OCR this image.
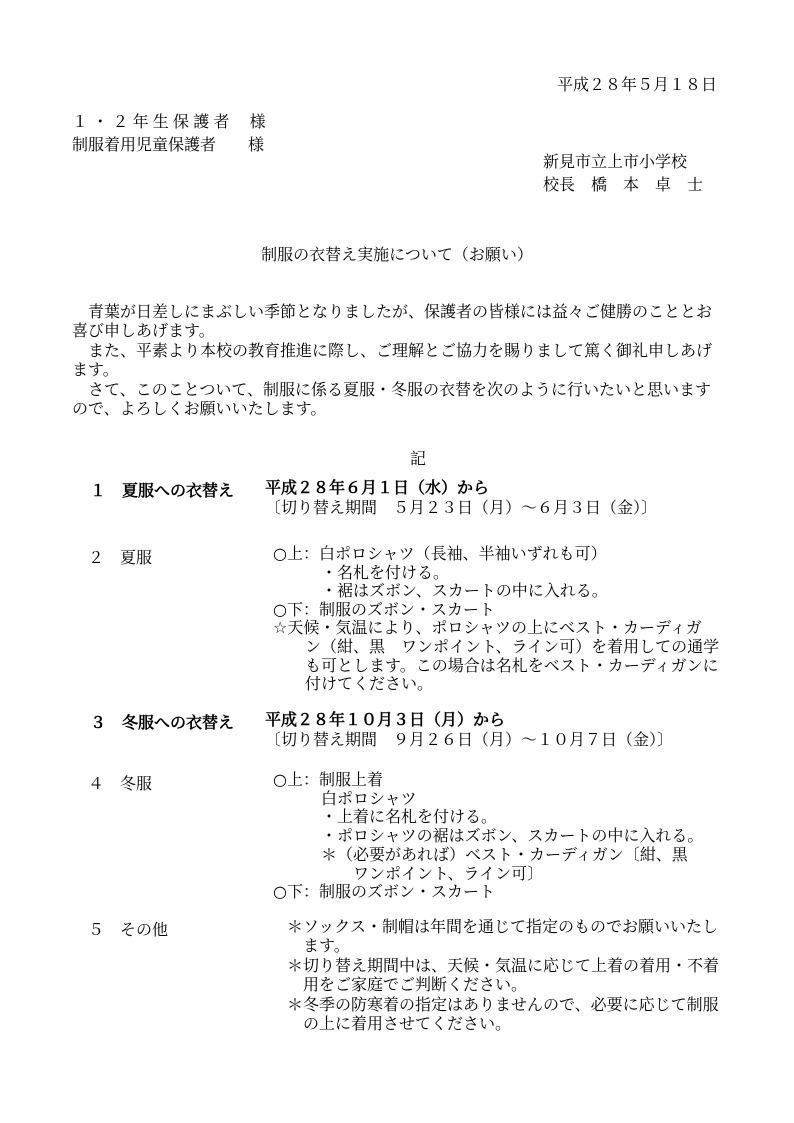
平成２８年５月１８日
１・２年生保護者　様
制服着用児童保護者　　様
新見市立上市小学校
校長　橋　本　卓　士
制服の衣替え実施について（お願い）
　青葉が日差しにまぶしい季節となりましたが、保護者の皆様には益々ご健勝のこととお
喜び申しあげます。
　また、平素より本校の教育推進に際し、ご理解とご協力を賜りまして篤く御礼申しあげ
ます。
　さて、このことついて、制服に係る夏服・冬服の衣替を次のように行いたいと思います
ので、よろしくお願いいたします。
記
１　夏服への衣替え 平成２８年６月１日（水）から
〔切り替え期間　５月２３日（月）～６月３日（金）〕
２　夏服	○上：白ポロシャツ（長袖、半袖いずれも可）
　　　・名札を付ける。
　　　・裾はズボン、スカートの中に入れる。
○下：制服のズボン・スカート
☆天候・気温により、ポロシャツの上にベスト・カーディガ
　　ン（紺、黒　ワンポイント、ライン可）を着用しての通学
　　も可とします。この場合は名札をベスト・カーディガンに
　　付けてください。
３　冬服への衣替え 平成２８年１０月３日（月）から
〔切り替え期間　９月２６日（月）～１０月７日（金）〕
４　冬服	○上：制服上着
　　　白ポロシャツ
　　　・上着に名札を付ける。
　　　・ポロシャツの裾はズボン、スカートの中に入れる。
　　　＊（必要があれば）ベスト・カーディガン〔紺、黒
　　　　　ワンポイント、ライン可〕
○下：制服のズボン・スカート
５　その他	＊ソックス・制帽は年間を通じて指定のものでお願いいたし
　ます。
＊切り替え期間中は、天候・気温に応じて上着の着用・不着
　用をご家庭でご判断ください。
＊冬季の防寒着の指定はありませんので、必要に応じて制服
　の上に着用させてください。
